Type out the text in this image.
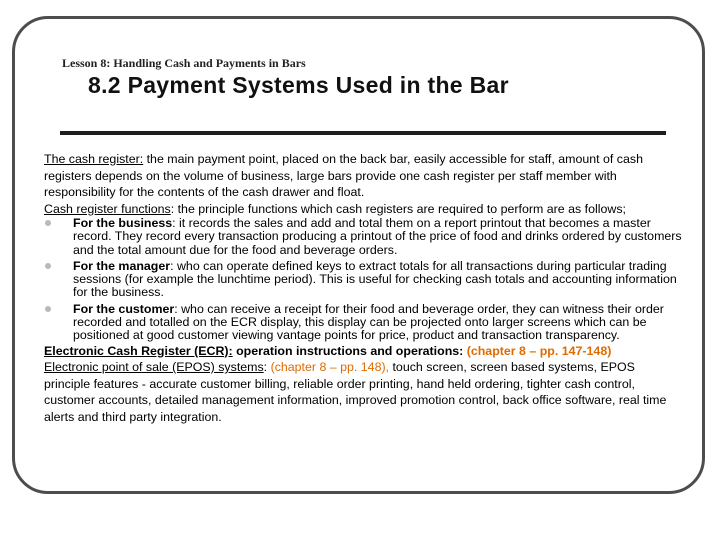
Lesson 8: Handling Cash and Payments in Bars
8.2 Payment Systems Used in the Bar

The cash register: the main payment point, placed on the back bar, easily accessible for staff, amount of cash registers depends on the volume of business, large bars provide one cash register per staff member with responsibility for the contents of the cash drawer and float.

Cash register functions: the principle functions which cash registers are required to perform are as follows;

For the business: it records the sales and add and total them on a report printout that becomes a master record. They record every transaction producing a printout of the price of food and drinks ordered by customers and the total amount due for the food and beverage orders.
For the manager: who can operate defined keys to extract totals for all transactions during particular trading sessions (for example the lunchtime period). This is useful for checking cash totals and accounting information for the business.
For the customer: who can receive a receipt for their food and beverage order, they can witness their order recorded and totalled on the ECR display, this display can be projected onto larger screens which can be positioned at good customer viewing vantage points for price, product and transaction transparency.

Electronic Cash Register (ECR): operation instructions and operations: (chapter 8 – pp. 147-148)

Electronic point of sale (EPOS) systems: (chapter 8 – pp. 148), touch screen, screen based systems, EPOS principle features - accurate customer billing, reliable order printing, hand held ordering, tighter cash control, customer accounts, detailed management information, improved promotion control, back office software, real time alerts and third party integration.
